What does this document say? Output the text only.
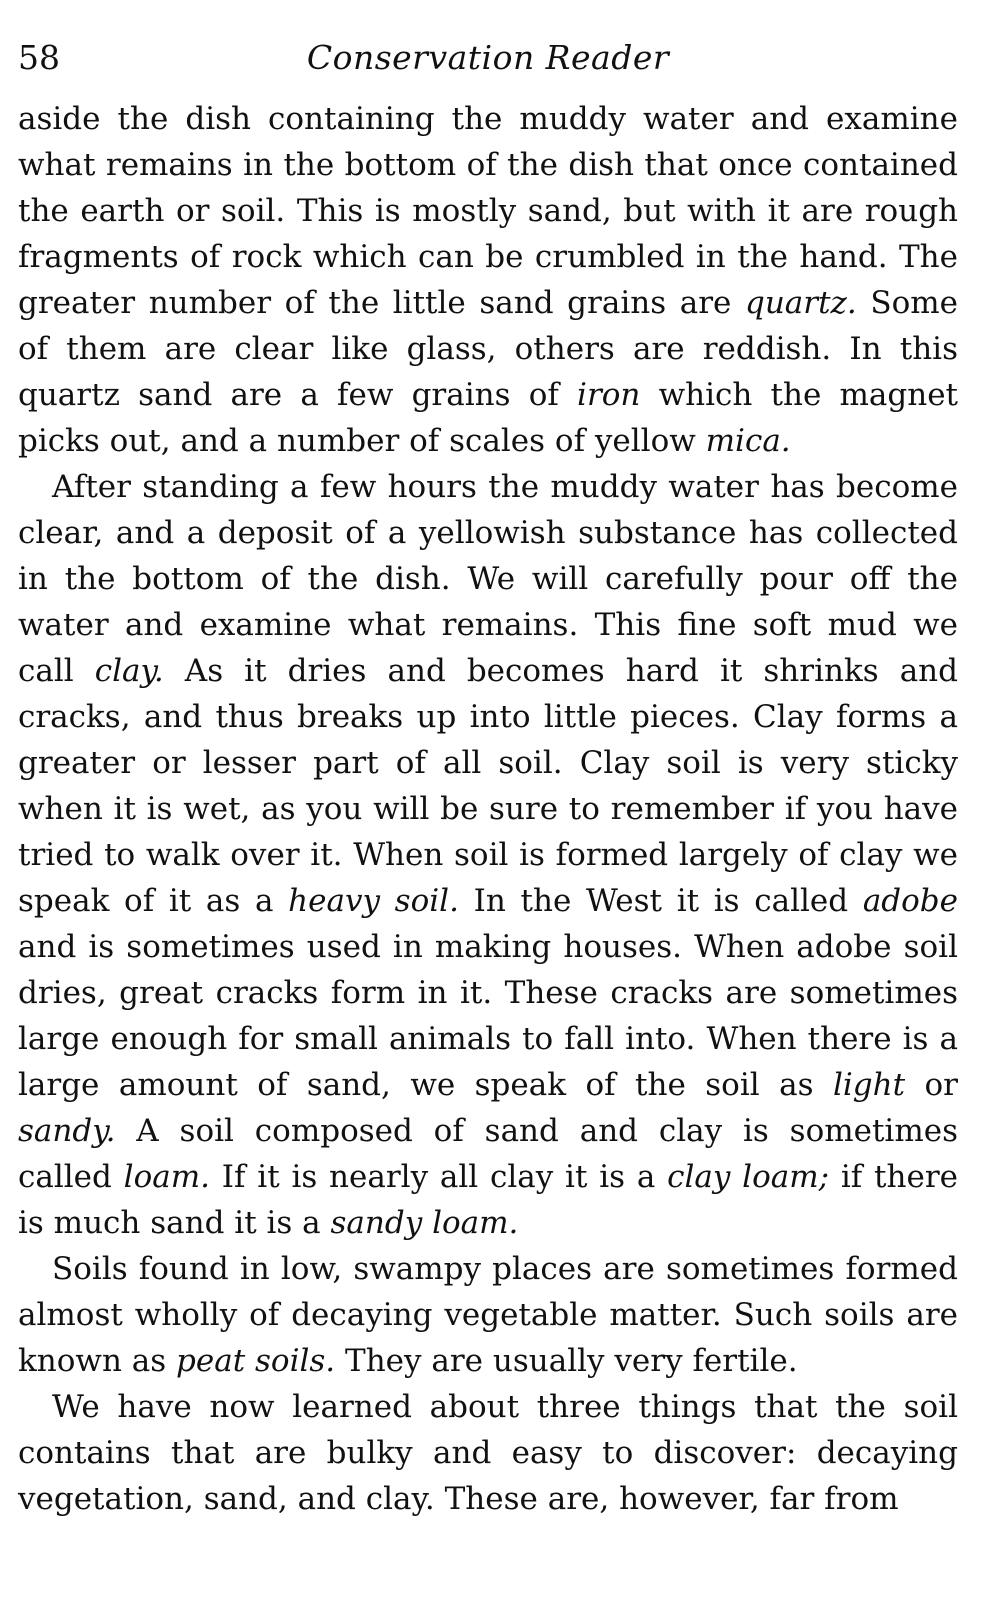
58	Conservation Reader

aside the dish containing the muddy water and examine what remains in the bottom of the dish that once contained the earth or soil. This is mostly sand, but with it are rough fragments of rock which can be crumbled in the hand. The greater number of the little sand grains are quartz. Some of them are clear like glass, others are reddish. In this quartz sand are a few grains of iron which the magnet picks out, and a number of scales of yellow mica.

After standing a few hours the muddy water has become clear, and a deposit of a yellowish substance has collected in the bottom of the dish. We will carefully pour off the water and examine what remains. This fine soft mud we call clay. As it dries and becomes hard it shrinks and cracks, and thus breaks up into little pieces. Clay forms a greater or lesser part of all soil. Clay soil is very sticky when it is wet, as you will be sure to remember if you have tried to walk over it. When soil is formed largely of clay we speak of it as a heavy soil. In the West it is called adobe and is sometimes used in making houses. When adobe soil dries, great cracks form in it. These cracks are sometimes large enough for small animals to fall into. When there is a large amount of sand, we speak of the soil as light or sandy. A soil composed of sand and clay is sometimes called loam. If it is nearly all clay it is a clay loam; if there is much sand it is a sandy loam.

Soils found in low, swampy places are sometimes formed almost wholly of decaying vegetable matter. Such soils are known as peat soils. They are usually very fertile.

We have now learned about three things that the soil contains that are bulky and easy to discover: decaying vegetation, sand, and clay. These are, however, far from
